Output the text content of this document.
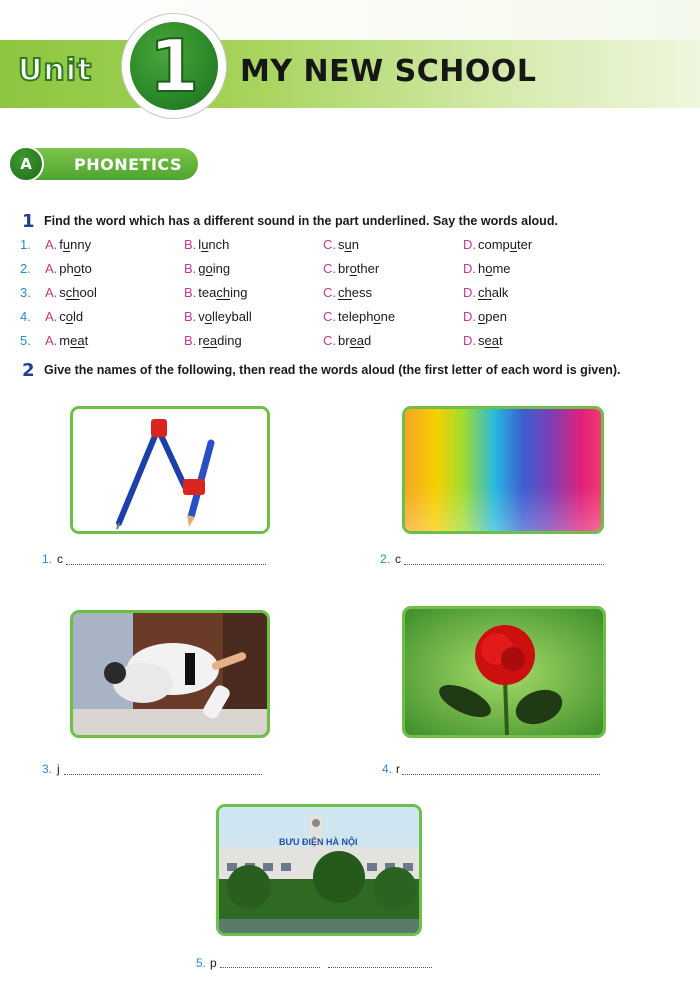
Unit 1	MY NEW SCHOOL
A	PHONETICS
1 Find the word which has a different sound in the part underlined. Say the words aloud.
1. A. funny	B. lunch	C. sun	D. computer
2. A. photo	B. going	C. brother	D. home
3. A. school	B. teaching	C. chess	D. chalk
4. A. cold	B. volleyball	C. telephone	D. open
5. A. meat	B. reading	C. bread	D. seat
2 Give the names of the following, then read the words aloud (the first letter of each word is given).
1. c	2. c
3. j	4. r
BƯU ĐIỆN HÀ NỘI
5. p
